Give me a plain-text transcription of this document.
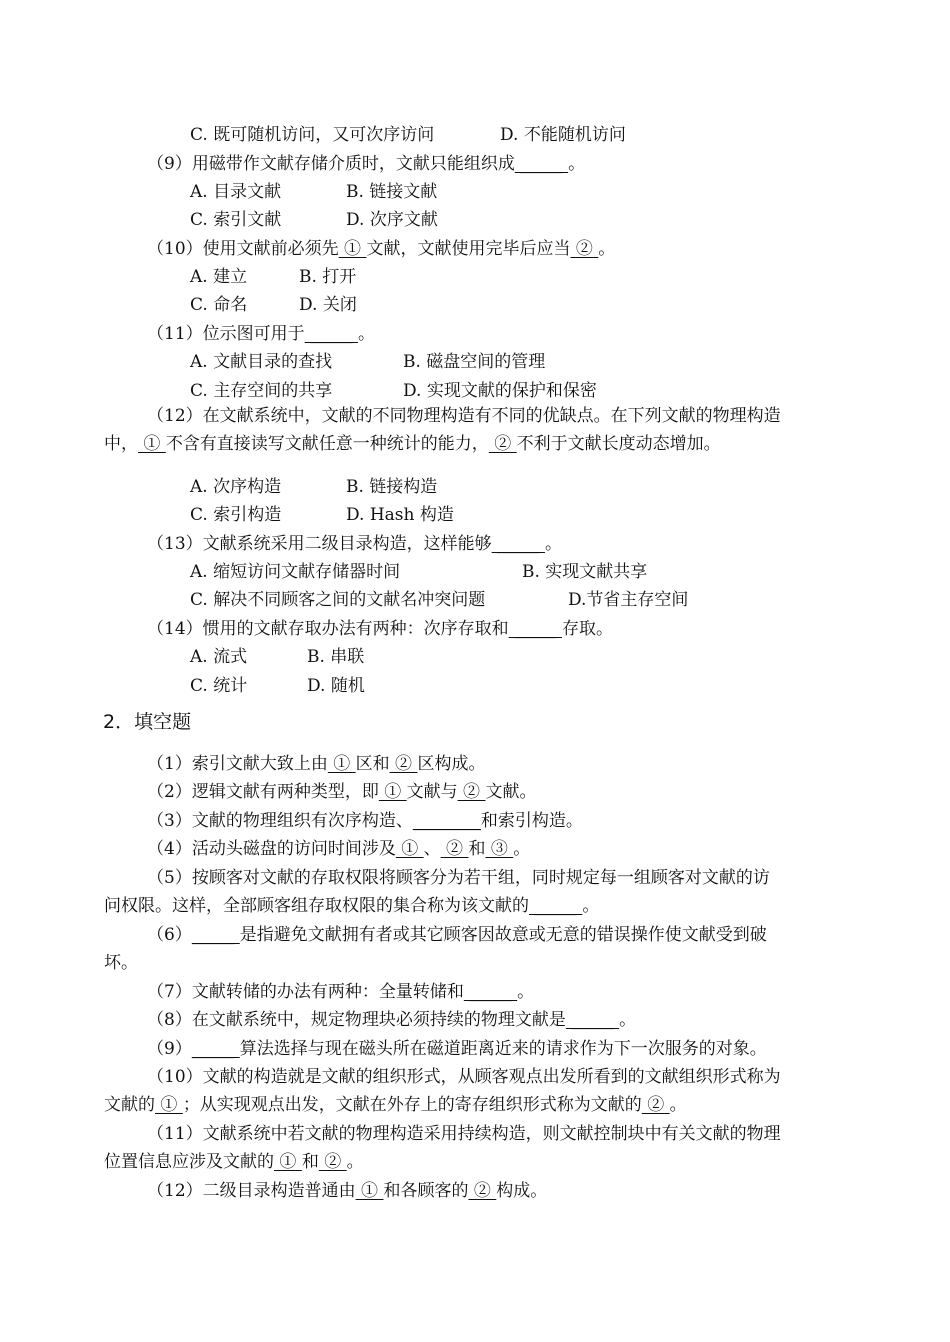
C. 既可随机访问，又可次序访问	D. 不能随机访问
（9）用磁带作文献存储介质时，文献只能组织成 _____ 。
A. 目录文献	B. 链接文献
C. 索引文献	D. 次序文献
（10）使用文献前必须先 ① 文献，文献使用完毕后应当 ② 。
A. 建立	B. 打开
C. 命名	D. 关闭
（11）位示图可用于 _____ 。
A. 文献目录的查找	B. 磁盘空间的管理
C. 主存空间的共享	D. 实现文献的保护和保密
（12）在文献系统中，文献的不同物理构造有不同的优缺点。在下列文献的物理构造
中， ① 不含有直接读写文献任意一种统计的能力， ② 不利于文献长度动态增加。
A. 次序构造	B. 链接构造
C. 索引构造	D. Hash 构造
（13）文献系统采用二级目录构造，这样能够 _____ 。
A. 缩短访问文献存储器时间	B. 实现文献共享
C. 解决不同顾客之间的文献名冲突问题	D.节省主存空间
（14）惯用的文献存取办法有两种：次序存取和 _____ 存取。
A. 流式	B. 串联
C. 统计	D. 随机
2．填空题
（1）索引文献大致上由 ① 区和 ② 区构成。
（2）逻辑文献有两种类型，即 ① 文献与 ② 文献。
（3）文献的物理组织有次序构造、________和索引构造。
（4）活动头磁盘的访问时间涉及 ① 、 ② 和 ③ 。
（5）按顾客对文献的存取权限将顾客分为若干组，同时规定每一组顾客对文献的访
问权限。这样，全部顾客组存取权限的集合称为该文献的 _____ 。
（6）_____ 是指避免文献拥有者或其它顾客因故意或无意的错误操作使文献受到破
坏。
（7）文献转储的办法有两种：全量转储和 _____ 。
（8）在文献系统中，规定物理块必须持续的物理文献是 _____ 。
（9）_____ 算法选择与现在磁头所在磁道距离近来的请求作为下一次服务的对象。
（10）文献的构造就是文献的组织形式，从顾客观点出发所看到的文献组织形式称为
文献的 ① ；从实现观点出发，文献在外存上的寄存组织形式称为文献的 ② 。
（11）文献系统中若文献的物理构造采用持续构造，则文献控制块中有关文献的物理
位置信息应涉及文献的 ① 和 ② 。
（12）二级目录构造普通由 ① 和各顾客的 ② 构成。
